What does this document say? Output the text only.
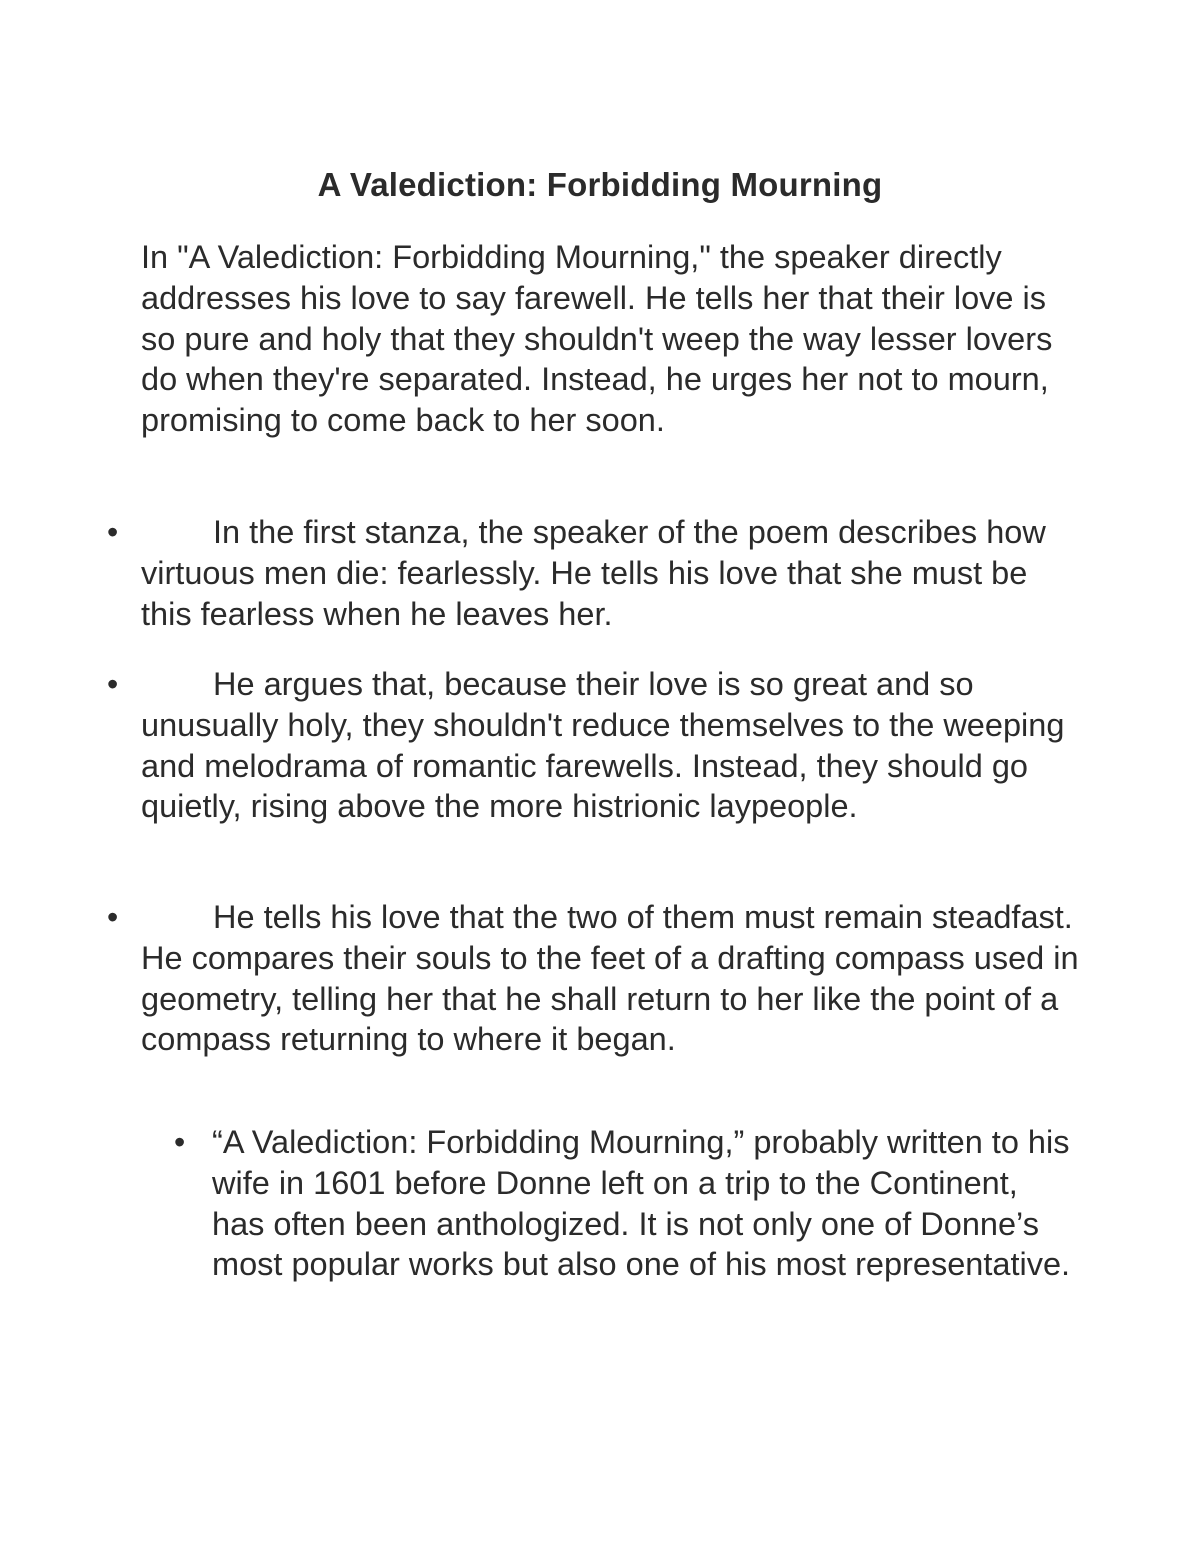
A Valediction: Forbidding Mourning
In "A Valediction: Forbidding Mourning," the speaker directly addresses his love to say farewell. He tells her that their love is so pure and holy that they shouldn't weep the way lesser lovers do when they're separated. Instead, he urges her not to mourn, promising to come back to her soon.
•	In the first stanza, the speaker of the poem describes how virtuous men die: fearlessly. He tells his love that she must be this fearless when he leaves her.
•	He argues that, because their love is so great and so unusually holy, they shouldn't reduce themselves to the weeping and melodrama of romantic farewells. Instead, they should go quietly, rising above the more histrionic laypeople.
•	He tells his love that the two of them must remain steadfast. He compares their souls to the feet of a drafting compass used in geometry, telling her that he shall return to her like the point of a compass returning to where it began.
• “A Valediction: Forbidding Mourning,” probably written to his wife in 1601 before Donne left on a trip to the Continent, has often been anthologized. It is not only one of Donne’s most popular works but also one of his most representative.
